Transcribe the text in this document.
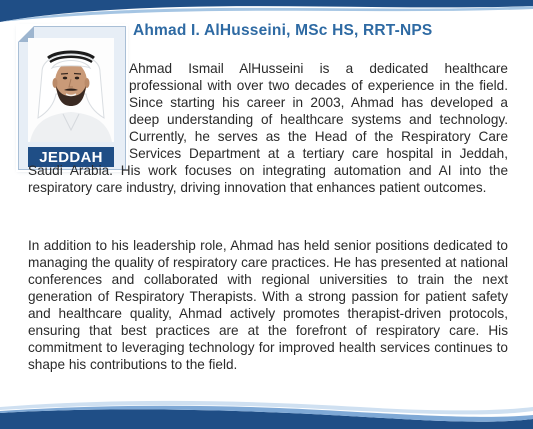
JEDDAH
Ahmad I. AlHusseini, MSc HS, RRT-NPS

Ahmad Ismail AlHusseini is a dedicated healthcare professional with over two decades of experience in the field. Since starting his career in 2003, Ahmad has developed a deep understanding of healthcare systems and technology. Currently, he serves as the Head of the Respiratory Care Services Department at a tertiary care hospital in Jeddah, Saudi Arabia. His work focuses on integrating automation and AI into the respiratory care industry, driving innovation that enhances patient outcomes.

In addition to his leadership role, Ahmad has held senior positions dedicated to managing the quality of respiratory care practices. He has presented at national conferences and collaborated with regional universities to train the next generation of Respiratory Therapists. With a strong passion for patient safety and healthcare quality, Ahmad actively promotes therapist-driven protocols, ensuring that best practices are at the forefront of respiratory care. His commitment to leveraging technology for improved health services continues to shape his contributions to the field.
